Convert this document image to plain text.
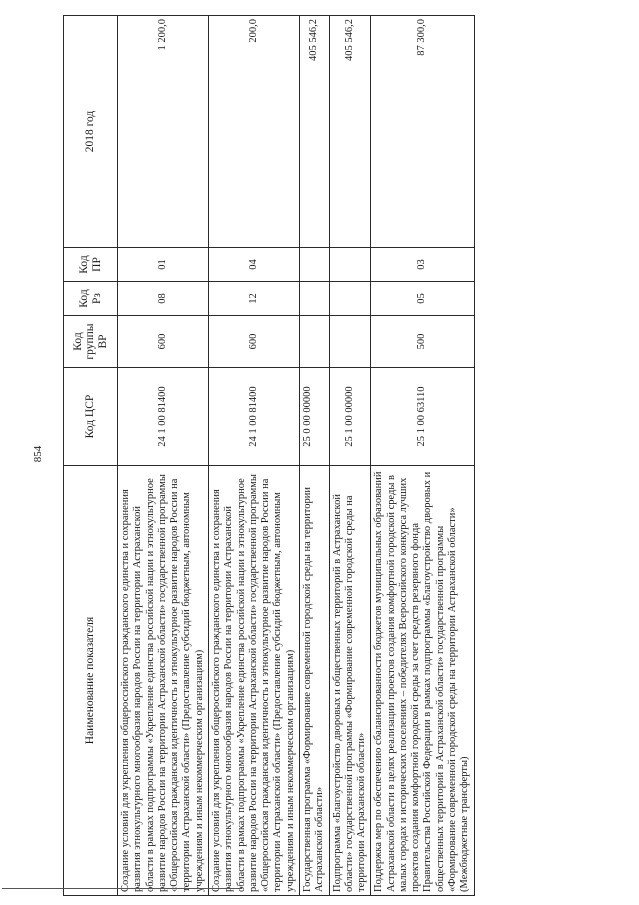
854
Наименование показателя	Код ЦСР	Код группы ВР	Код Рз	Код ПР	2018 год
Создание условий для укрепления общероссийского гражданского единства и сохранения развития этнокультурного многообразия народов России на территории Астраханской области в рамках подпрограммы «Укрепление единства российской нации и этнокультурное развитие народов России на территории Астраханской области» государственной программы «Общероссийская гражданская идентичность и этнокультурное развитие народов России на территории Астраханской области» (Предоставление субсидий бюджетным, автономным учреждениям и иным некоммерческим организациям)	24 1 00 81400	600	08	01	1 200,0
Создание условий для укрепления общероссийского гражданского единства и сохранения развития этнокультурного многообразия народов России на территории Астраханской области в рамках подпрограммы «Укрепление единства российской нации и этнокультурное развитие народов России на территории Астраханской области» государственной программы «Общероссийская гражданская идентичность и этнокультурное развитие народов России на территории Астраханской области» (Предоставление субсидий бюджетным, автономным учреждениям и иным некоммерческим организациям)	24 1 00 81400	600	12	04	200,0
Государственная программа «Формирование современной городской среды на территории Астраханской области»	25 0 00 00000				405 546,2
Подпрограмма «Благоустройство дворовых и общественных территорий в Астраханской области» государственной программы «Формирование современной городской среды на территории Астраханской области»	25 1 00 00000				405 546,2
Поддержка мер по обеспечению сбалансированности бюджетов муниципальных образований Астраханской области в целях реализации проектов создания комфортной городской среды в малых городах и исторических поселениях – победителях Всероссийского конкурса лучших проектов создания комфортной городской среды за счет средств резервного фонда Правительства Российской Федерации в рамках подпрограммы «Благоустройство дворовых и общественных территорий в Астраханской области» государственной программы «Формирование современной городской среды на территории Астраханской области» (Межбюджетные трансферты)	25 1 00 63110	500	05	03	87 300,0
